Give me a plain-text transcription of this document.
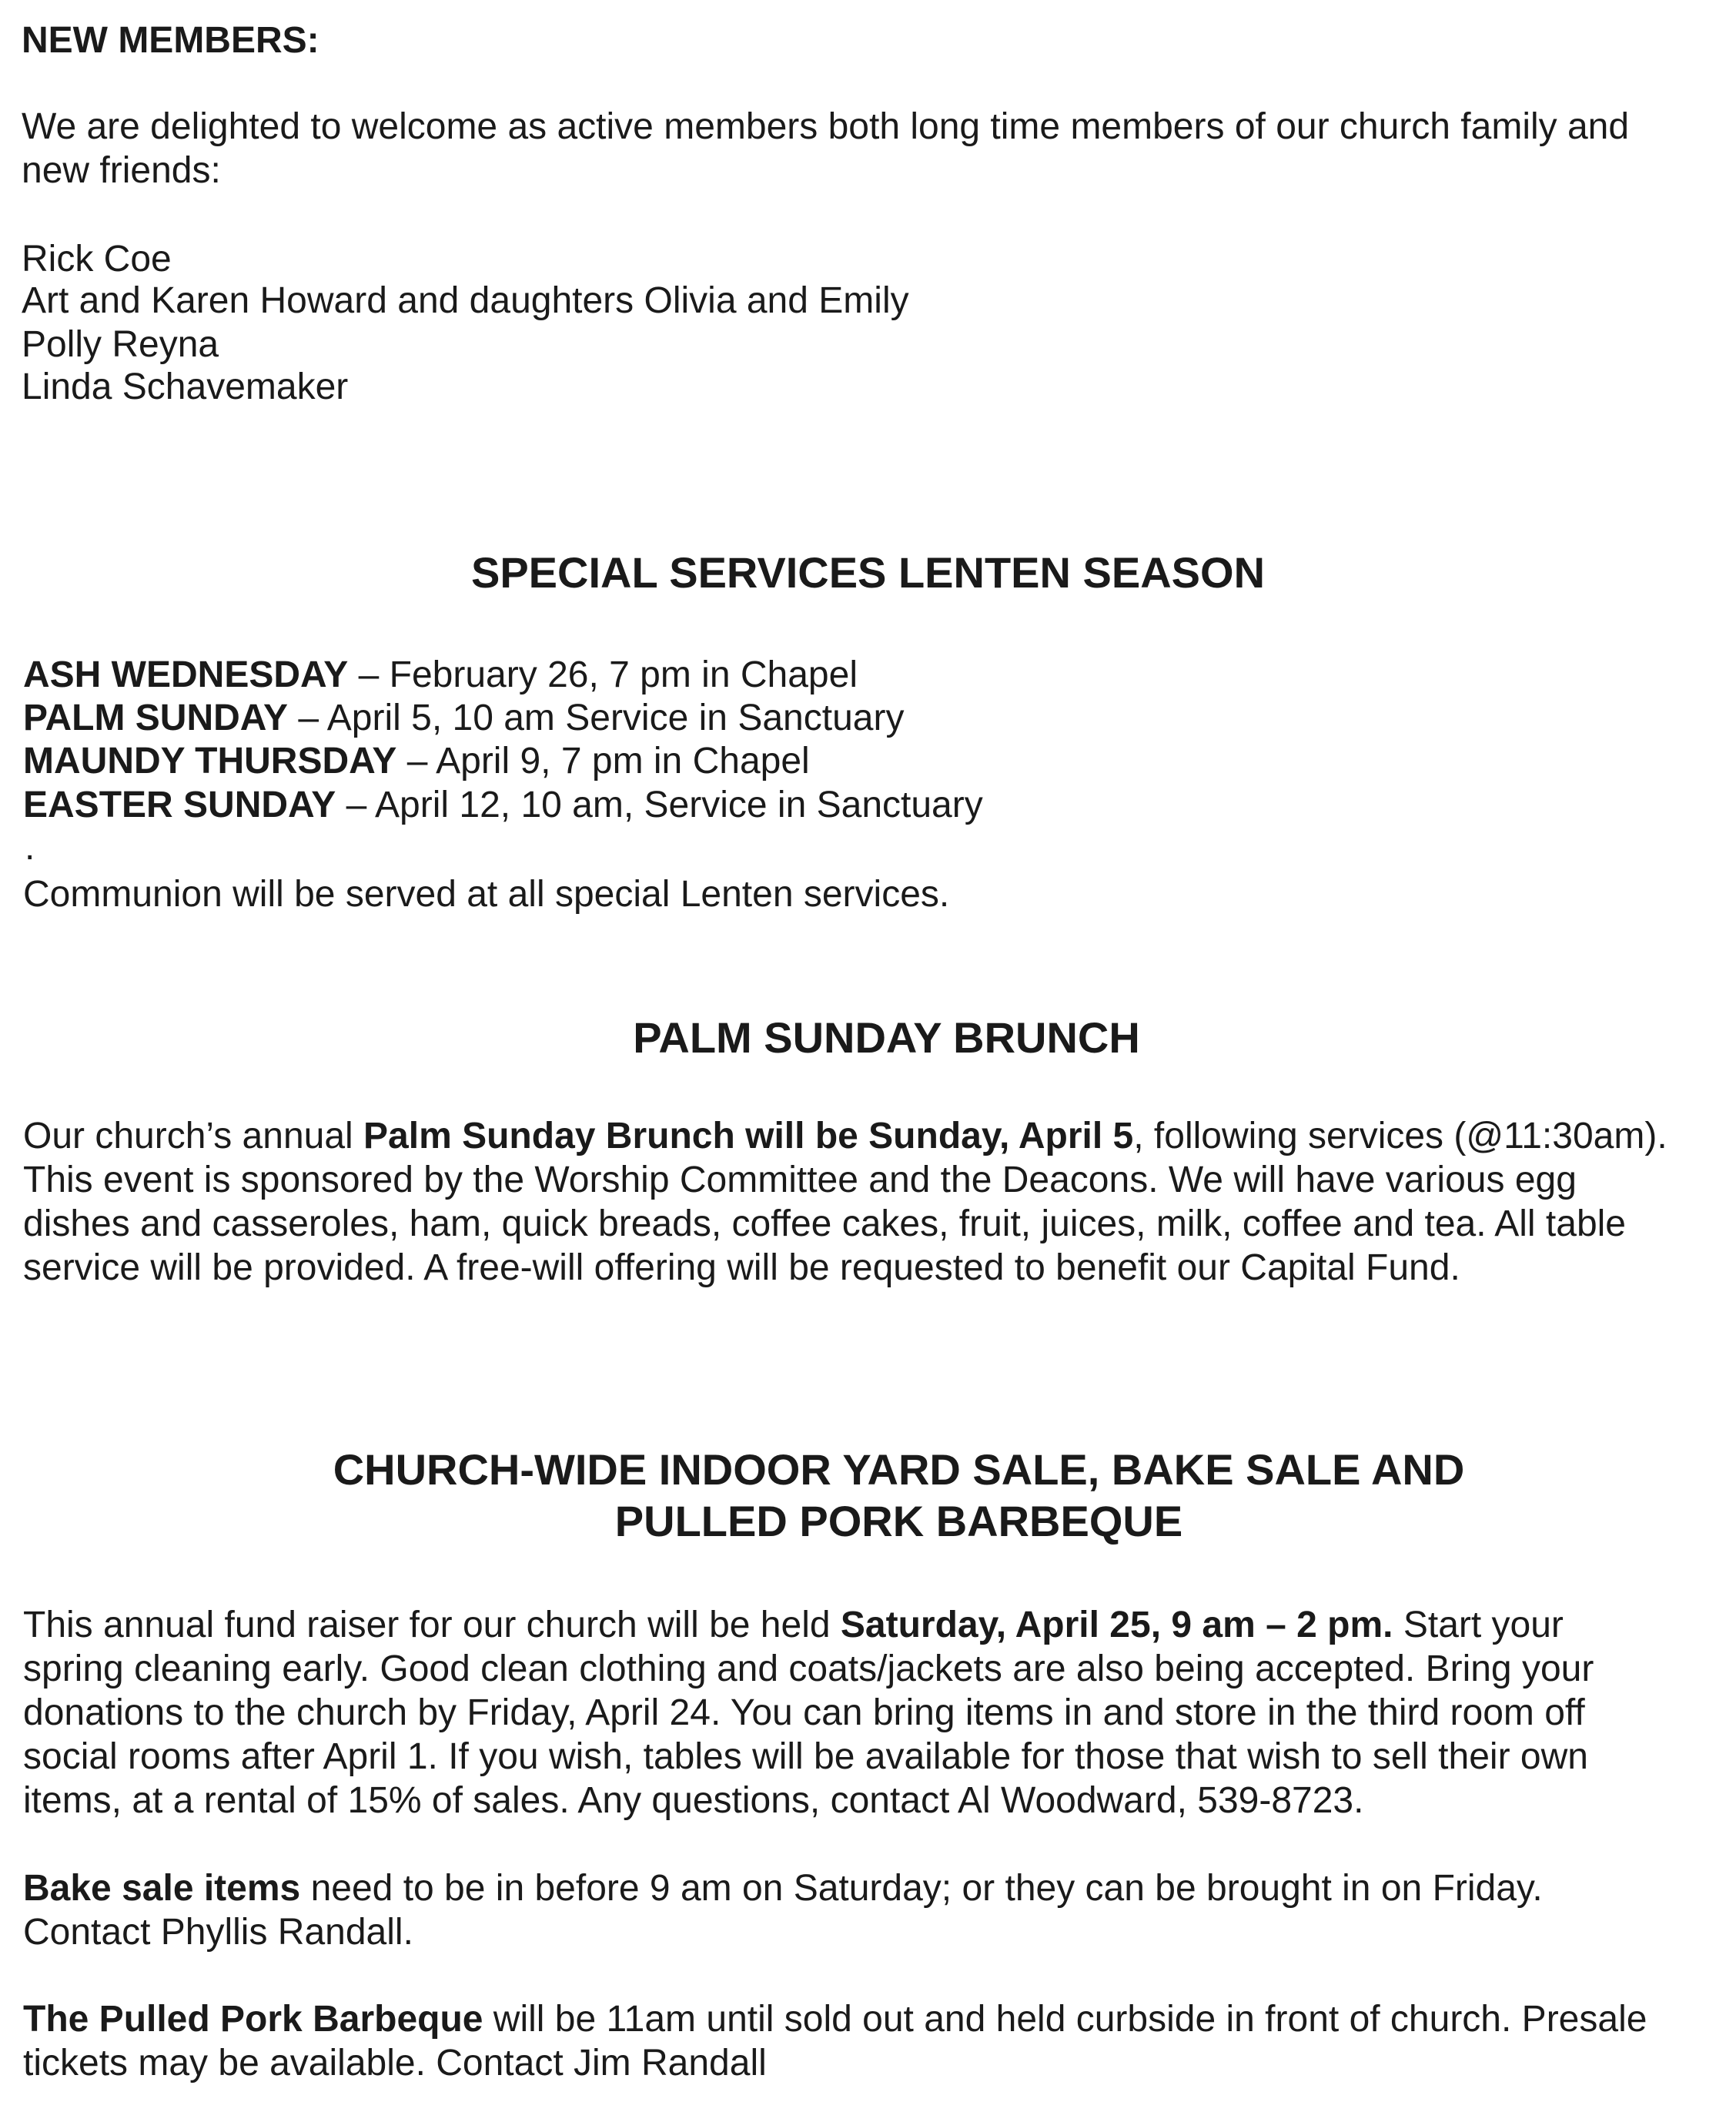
NEW MEMBERS:

We are delighted to welcome as active members both long time members of our church family and

new friends:

Rick Coe

Art and Karen Howard and daughters Olivia and Emily

Polly Reyna

Linda Schavemaker

SPECIAL SERVICES LENTEN SEASON

ASH WEDNESDAY – February 26, 7 pm in Chapel

PALM SUNDAY – April 5, 10 am Service in Sanctuary

MAUNDY THURSDAY – April 9, 7 pm in Chapel

EASTER SUNDAY – April 12, 10 am, Service in Sanctuary

.

Communion will be served at all special Lenten services.

PALM SUNDAY BRUNCH

Our church’s annual Palm Sunday Brunch will be Sunday, April 5, following services (@11:30am).

This event is sponsored by the Worship Committee and the Deacons. We will have various egg

dishes and casseroles, ham, quick breads, coffee cakes, fruit, juices, milk, coffee and tea. All table

service will be provided. A free-will offering will be requested to benefit our Capital Fund.

CHURCH-WIDE INDOOR YARD SALE, BAKE SALE AND

PULLED PORK BARBEQUE

This annual fund raiser for our church will be held Saturday, April 25, 9 am – 2 pm. Start your

spring cleaning early. Good clean clothing and coats/jackets are also being accepted. Bring your

donations to the church by Friday, April 24. You can bring items in and store in the third room off

social rooms after April 1. If you wish, tables will be available for those that wish to sell their own

items, at a rental of 15% of sales. Any questions, contact Al Woodward, 539-8723.

Bake sale items need to be in before 9 am on Saturday; or they can be brought in on Friday.

Contact Phyllis Randall.

The Pulled Pork Barbeque will be 11am until sold out and held curbside in front of church. Presale

tickets may be available. Contact Jim Randall
